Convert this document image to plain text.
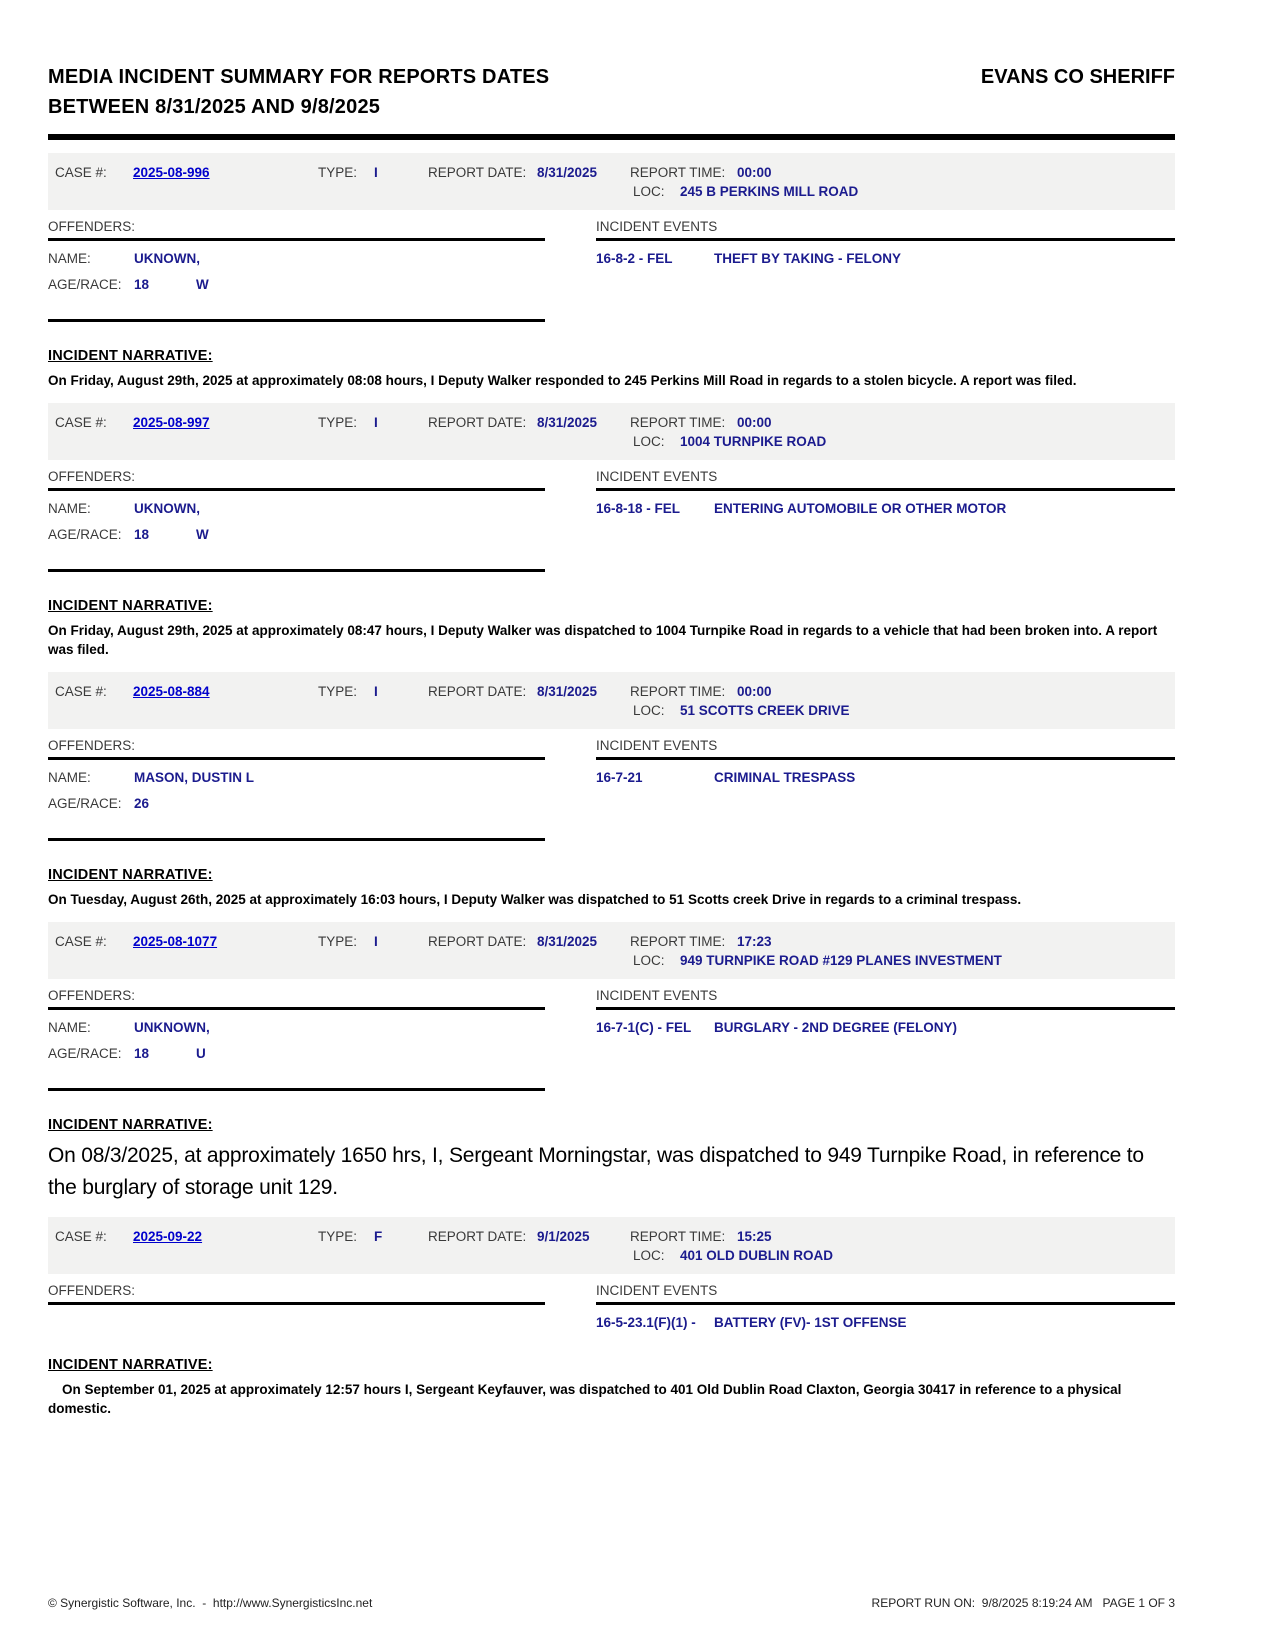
MEDIA INCIDENT SUMMARY FOR REPORTS DATES
BETWEEN 8/31/2025 AND 9/8/2025
EVANS CO SHERIFF
CASE #:	2025-08-996	TYPE:	I	REPORT DATE: 8/31/2025	REPORT TIME: 00:00
LOC:	245 B PERKINS MILL ROAD
OFFENDERS:
NAME:	UKNOWN,
AGE/RACE: 18	W
INCIDENT EVENTS
16-8-2 - FEL	THEFT BY TAKING - FELONY
INCIDENT NARRATIVE:

On Friday, August 29th, 2025 at approximately 08:08 hours, I Deputy Walker responded to 245 Perkins Mill Road in regards to a stolen bicycle. A report was filed.

CASE #:	2025-08-997	TYPE:	I	REPORT DATE: 8/31/2025	REPORT TIME: 00:00
LOC:	1004 TURNPIKE ROAD
OFFENDERS:
NAME:	UKNOWN,
AGE/RACE: 18	W
INCIDENT EVENTS
16-8-18 - FEL	ENTERING AUTOMOBILE OR OTHER MOTOR
INCIDENT NARRATIVE:

On Friday, August 29th, 2025 at approximately 08:47 hours, I Deputy Walker was dispatched to 1004 Turnpike Road in regards to a vehicle that had been broken into. A report was filed.

CASE #:	2025-08-884	TYPE:	I	REPORT DATE: 8/31/2025	REPORT TIME: 00:00
LOC:	51 SCOTTS CREEK DRIVE
OFFENDERS:
NAME:	MASON, DUSTIN L
AGE/RACE: 26
INCIDENT EVENTS
16-7-21	CRIMINAL TRESPASS
INCIDENT NARRATIVE:

On Tuesday, August 26th, 2025 at approximately 16:03 hours, I Deputy Walker was dispatched to 51 Scotts creek Drive in regards to a criminal trespass.

CASE #:	2025-08-1077	TYPE:	I	REPORT DATE: 8/31/2025	REPORT TIME: 17:23
LOC:	949 TURNPIKE ROAD #129 PLANES INVESTMENT
OFFENDERS:
NAME:	UNKNOWN,
AGE/RACE: 18	U
INCIDENT EVENTS
16-7-1(C) - FEL	BURGLARY - 2ND DEGREE (FELONY)
INCIDENT NARRATIVE:

On 08/3/2025, at approximately 1650 hrs, I, Sergeant Morningstar, was dispatched to 949 Turnpike Road, in reference to the burglary of storage unit 129.

CASE #:	2025-09-22	TYPE:	F	REPORT DATE: 9/1/2025	REPORT TIME: 15:25
LOC:	401 OLD DUBLIN ROAD
OFFENDERS:	INCIDENT EVENTS
16-5-23.1(F)(1) -	BATTERY (FV)- 1ST OFFENSE
INCIDENT NARRATIVE:

On September 01, 2025 at approximately 12:57 hours I, Sergeant Keyfauver, was dispatched to 401 Old Dublin Road Claxton, Georgia 30417 in reference to a physical domestic.

© Synergistic Software, Inc.  -  http://www.SynergisticsInc.net	REPORT RUN ON:  9/8/2025 8:19:24 AM PAGE 1 OF 3
